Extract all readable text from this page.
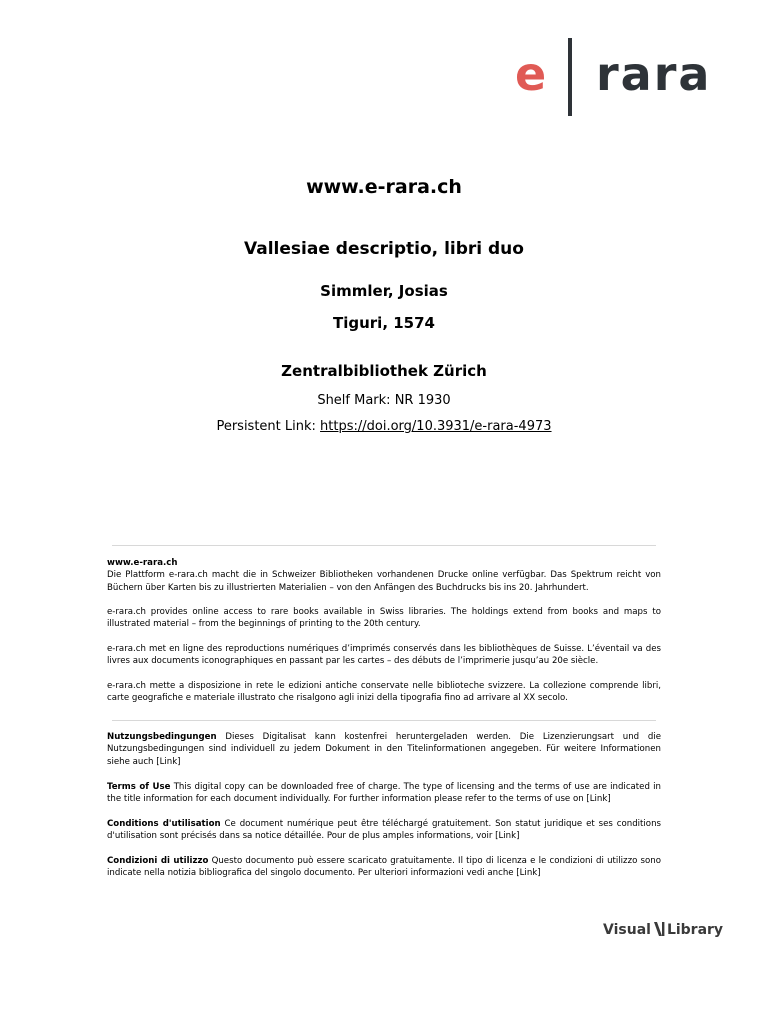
e rara
www.e-rara.ch
Vallesiae descriptio, libri duo
Simmler, Josias
Tiguri, 1574
Zentralbibliothek Zürich
Shelf Mark: NR 1930
Persistent Link: https://doi.org/10.3931/e-rara-4973

www.e-rara.ch

Die Plattform e-rara.ch macht die in Schweizer Bibliotheken vorhandenen Drucke online verfügbar. Das Spektrum reicht von Büchern über Karten bis zu illustrierten Materialien – von den Anfängen des Buchdrucks bis ins 20. Jahrhundert.

e-rara.ch provides online access to rare books available in Swiss libraries. The holdings extend from books and maps to illustrated material – from the beginnings of printing to the 20th century.

e-rara.ch met en ligne des reproductions numériques d’imprimés conservés dans les bibliothèques de Suisse. L’éventail va des livres aux documents iconographiques en passant par les cartes – des débuts de l’imprimerie jusqu’au 20e siècle.

e-rara.ch mette a disposizione in rete le edizioni antiche conservate nelle biblioteche svizzere. La collezione comprende libri, carte geografiche e materiale illustrato che risalgono agli inizi della tipografia fino ad arrivare al XX secolo.

Nutzungsbedingungen Dieses Digitalisat kann kostenfrei heruntergeladen werden. Die Lizenzierungsart und die Nutzungsbedingungen sind individuell zu jedem Dokument in den Titelinformationen angegeben. Für weitere Informationen siehe auch [Link]

Terms of Use This digital copy can be downloaded free of charge. The type of licensing and the terms of use are indicated in the title information for each document individually. For further information please refer to the terms of use on [Link]

Conditions d'utilisation Ce document numérique peut être téléchargé gratuitement. Son statut juridique et ses conditions d'utilisation sont précisés dans sa notice détaillée. Pour de plus amples informations, voir [Link]

Condizioni di utilizzo Questo documento può essere scaricato gratuitamente. Il tipo di licenza e le condizioni di utilizzo sono indicate nella notizia bibliografica del singolo documento. Per ulteriori informazioni vedi anche [Link]

Visual Library
